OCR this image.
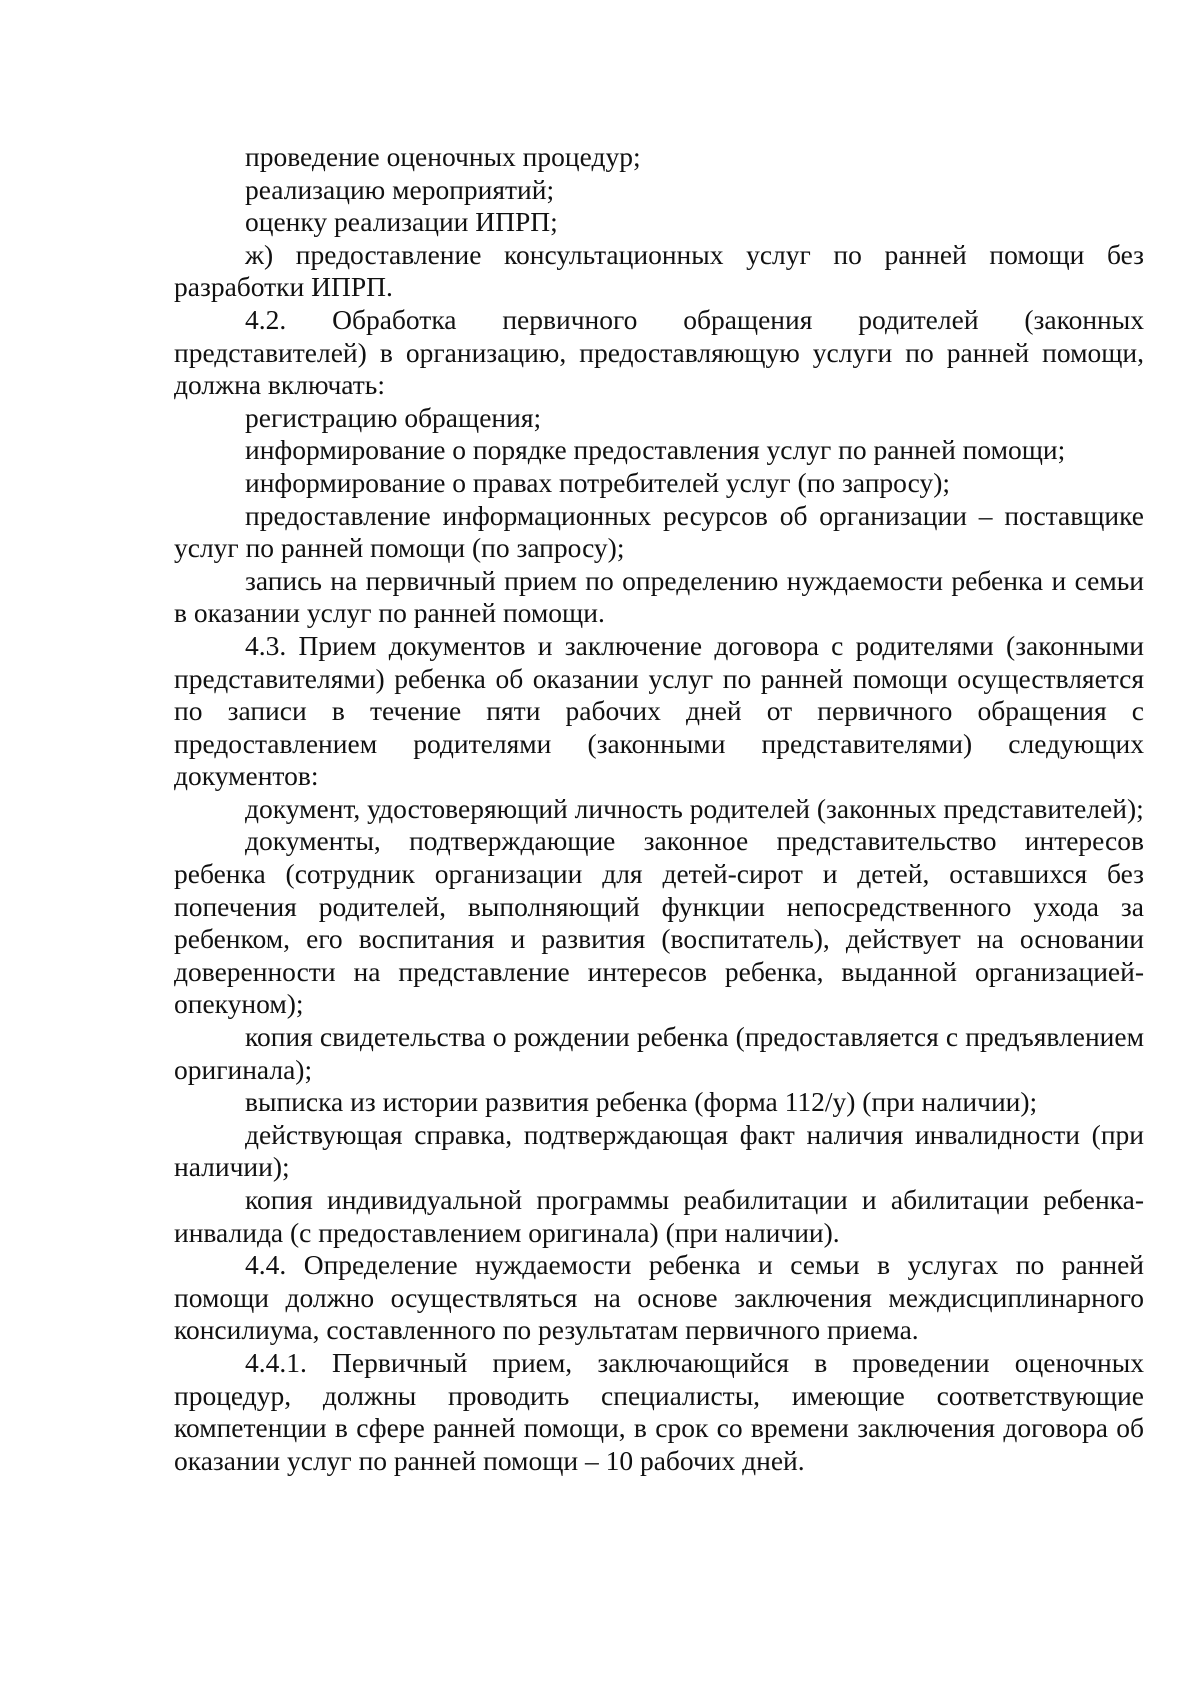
проведение оценочных процедур;

реализацию мероприятий;

оценку реализации ИПРП;

ж) предоставление консультационных услуг по ранней помощи без разработки ИПРП.

4.2. Обработка первичного обращения родителей (законных представителей) в организацию, предоставляющую услуги по ранней помощи, должна включать:

регистрацию обращения;

информирование о порядке предоставления услуг по ранней помощи;

информирование о правах потребителей услуг (по запросу);

предоставление информационных ресурсов об организации – поставщике услуг по ранней помощи (по запросу);

запись на первичный прием по определению нуждаемости ребенка и семьи в оказании услуг по ранней помощи.

4.3. Прием документов и заключение договора с родителями (законными представителями) ребенка об оказании услуг по ранней помощи осуществляется по записи в течение пяти рабочих дней от первичного обращения с предоставлением родителями (законными представителями) следующих документов:

документ, удостоверяющий личность родителей (законных представителей);

документы, подтверждающие законное представительство интересов ребенка (сотрудник организации для детей-сирот и детей, оставшихся без попечения родителей, выполняющий функции непосредственного ухода за ребенком, его воспитания и развития (воспитатель), действует на основании доверенности на представление интересов ребенка, выданной организацией-опекуном);

копия свидетельства о рождении ребенка (предоставляется с предъявлением оригинала);

выписка из истории развития ребенка (форма 112/у) (при наличии);

действующая справка, подтверждающая факт наличия инвалидности (при наличии);

копия индивидуальной программы реабилитации и абилитации ребенка-инвалида (с предоставлением оригинала) (при наличии).

4.4. Определение нуждаемости ребенка и семьи в услугах по ранней помощи должно осуществляться на основе заключения междисциплинарного консилиума, составленного по результатам первичного приема.

4.4.1. Первичный прием, заключающийся в проведении оценочных процедур, должны проводить специалисты, имеющие соответствующие компетенции в сфере ранней помощи, в срок со времени заключения договора об оказании услуг по ранней помощи – 10 рабочих дней.
